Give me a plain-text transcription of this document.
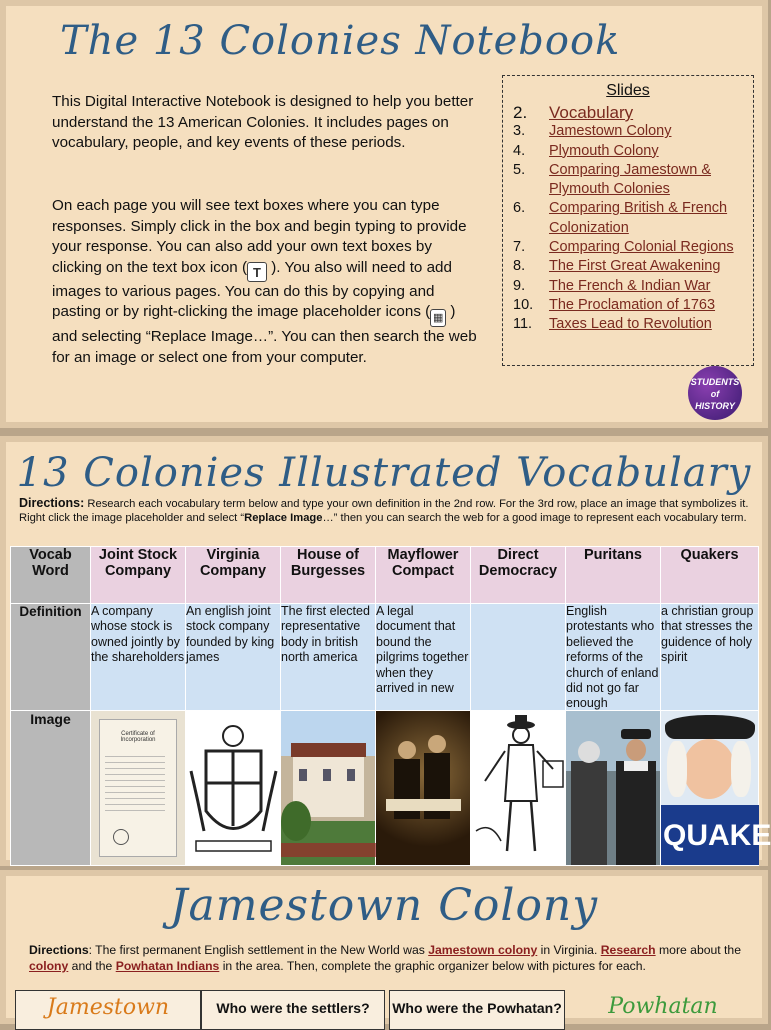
The 13 Colonies Notebook
This Digital Interactive Notebook is designed to help you better understand the 13 American Colonies. It includes pages on vocabulary, people, and key events of these periods.
On each page you will see text boxes where you can type responses. Simply click in the box and begin typing to provide your response. You can also add your own text boxes by clicking on the text box icon ( T ). You also will need to add images to various pages. You can do this by copying and pasting or by right-clicking the image placeholder icons ( ▦ ) and selecting “Replace Image…”. You can then search the web for an image or select one from your computer.
Slides
2.	Vocabulary
3.	Jamestown Colony
4.	Plymouth Colony
5.	Comparing Jamestown & Plymouth Colonies
6.	Comparing British & French Colonization
7.	Comparing Colonial Regions
8.	The First Great Awakening
9.	The French & Indian War
10.	The Proclamation of 1763
11.	Taxes Lead to Revolution
STUDENTS
of
HISTORY
13 Colonies Illustrated Vocabulary
Directions: Research each vocabulary term below and type your own definition in the 2nd row. For the 3rd row, place an image that symbolizes it. Right click the image placeholder and select “Replace Image…” then you can search the web for a good image to represent each vocabulary term.
Vocab Word	Joint Stock Company	Virginia Company	House of Burgesses	Mayflower Compact	Direct Democracy	Puritans	Quakers
Definition	A company whose stock is owned jointly by the shareholders	An english joint stock company founded by king james	The first elected representative body in british north america	A legal document that bound the pilgrims together when they arrived in new		English protestants who believed the reforms of the church of enland did not go far enough	a christian group that stresses the guidence of holy spirit

Image	Certificate of Incorporation						QUAKE
Jamestown Colony
Directions: The first permanent English settlement in the New World was Jamestown colony in Virginia. Research more about the colony and the Powhatan Indians in the area. Then, complete the graphic organizer below with pictures for each.
Jamestown	Who were the settlers?	Who were the Powhatan?	Powhatan
